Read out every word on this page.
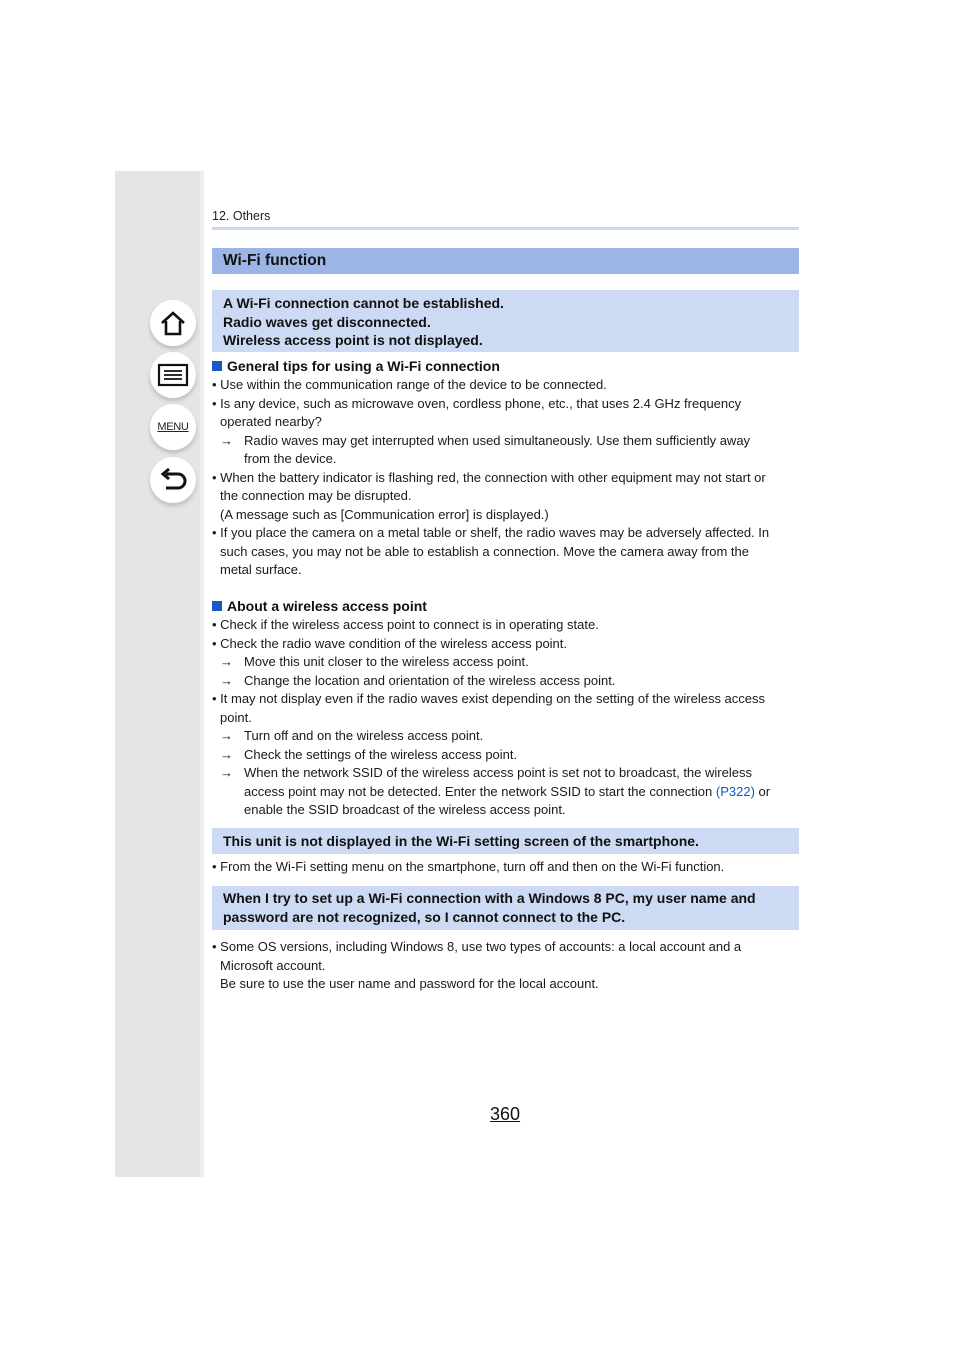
MENU
12. Others
Wi-Fi function
A Wi-Fi connection cannot be established.
Radio waves get disconnected.
Wireless access point is not displayed.
General tips for using a Wi-Fi connection
• Use within the communication range of the device to be connected.
• Is any device, such as microwave oven, cordless phone, etc., that uses 2.4 GHz frequency
operated nearby?
→ Radio waves may get interrupted when used simultaneously. Use them sufficiently away
from the device.
• When the battery indicator is flashing red, the connection with other equipment may not start or
the connection may be disrupted.
(A message such as [Communication error] is displayed.)
• If you place the camera on a metal table or shelf, the radio waves may be adversely affected. In
such cases, you may not be able to establish a connection. Move the camera away from the
metal surface.
About a wireless access point
• Check if the wireless access point to connect is in operating state.
• Check the radio wave condition of the wireless access point.
→ Move this unit closer to the wireless access point.
→ Change the location and orientation of the wireless access point.
• It may not display even if the radio waves exist depending on the setting of the wireless access
point.
→ Turn off and on the wireless access point.
→ Check the settings of the wireless access point.
→ When the network SSID of the wireless access point is set not to broadcast, the wireless
access point may not be detected. Enter the network SSID to start the connection (P322) or
enable the SSID broadcast of the wireless access point.
This unit is not displayed in the Wi-Fi setting screen of the smartphone.
• From the Wi-Fi setting menu on the smartphone, turn off and then on the Wi-Fi function.
When I try to set up a Wi-Fi connection with a Windows 8 PC, my user name and
password are not recognized, so I cannot connect to the PC.
• Some OS versions, including Windows 8, use two types of accounts: a local account and a
Microsoft account.
Be sure to use the user name and password for the local account.
360
